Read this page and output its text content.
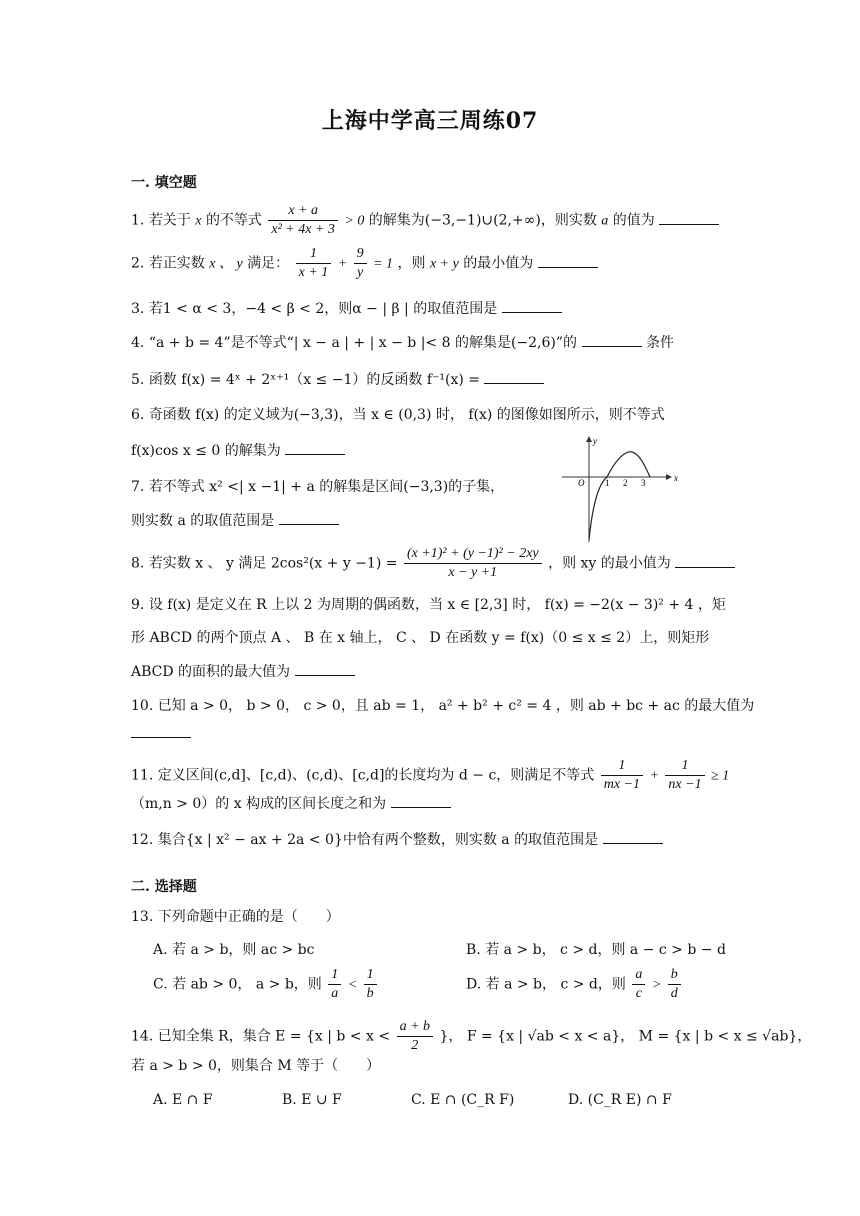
上海中学高三周练07
一. 填空题
1. 若关于 x 的不等式 $\frac{x + a}{\text{x² + 4x + 3}} > 0$ 的解集为(−3,−1)∪(2,+∞)，则实数 a 的值为
2. 若正实数 x 、 y 满足： $\frac{1}{x + 1} + \frac{9}{y} = 1$ ，则 x + y 的最小值为
3. 若1 < α < 3，−4 < β < 2，则α − | β | 的取值范围是
4. “a + b = 4”是不等式“| x − a | + | x − b |< 8 的解集是(−2,6)”的	条件
5. 函数 f(x) = 4ˣ + 2ˣ⁺¹（x ≤ −1）的反函数 f⁻¹(x) =
6. 奇函数 f(x) 的定义域为(−3,3)，当 x ∈ (0,3) 时， f(x) 的图像如图所示，则不等式
f(x)cos x ≤ 0 的解集为
y
x
O 1 2 3
7. 若不等式 x² <| x −1| + a 的解集是区间(−3,3)的子集，
则实数 a 的取值范围是
8. 若实数 x 、 y 满足 $2\cos^2(x + y -1) = \frac{\text{(x +1)² + (y −1)² − 2xy}}{x - y +1}$ ，则 xy 的最小值为
9. 设 f(x) 是定义在 R 上以 2 为周期的偶函数，当 x ∈ [2,3] 时， f(x) = −2(x − 3)² + 4 ，矩
形 ABCD 的两个顶点 A 、 B 在 x 轴上， C 、 D 在函数 y = f(x)（0 ≤ x ≤ 2）上，则矩形
ABCD 的面积的最大值为
10. 已知 a > 0， b > 0， c > 0，且 ab = 1， a² + b² + c² = 4 ，则 ab + bc + ac 的最大值为
11. 定义区间(c,d]、[c,d)、(c,d)、[c,d]的长度均为 d − c，则满足不等式 $\frac{1}{mx -1} + \frac{1}{nx -1} \ge 1$
（m,n > 0）的 x 构成的区间长度之和为
12. 集合{x | x² − ax + 2a < 0}中恰有两个整数，则实数 a 的取值范围是
二. 选择题
13. 下列命题中正确的是（　　）
A. 若 a > b，则 ac > bc	B. 若 a > b， c > d，则 a − c > b − d
C. 若 ab > 0， a > b，则 $\frac{1}{a} < \frac{1}{b}$	D. 若 a > b， c > d，则 $\frac{a}{c} > \frac{b}{d}$
14. 已知全集 R，集合 E = {x | $b < x < \frac{a + b}{2}$ }， F = {x | √ab < x < a}， M = {x | b < x ≤ √ab}，
若 a > b > 0，则集合 M 等于（　　）
A. E ∩ F	B. E ∪ F	C. E ∩ (C_R F)	D. (C_R E) ∩ F
